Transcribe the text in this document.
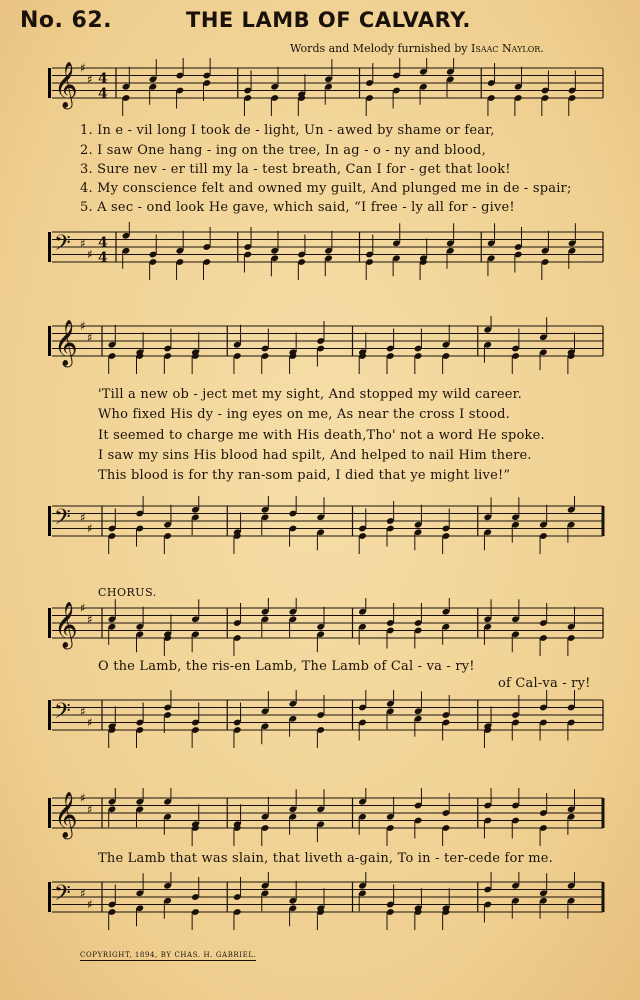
No. 62.	THE LAMB OF CALVARY.
Words and Melody furnished by Isaac Naylor.
𝄞 ♯
♯ 4
4
𝄢 ♯
♯
4
4
𝄞 ♯
♯
𝄢 ♯
♯
𝄞 ♯
♯
𝄢 ♯
♯
𝄞 ♯
♯
𝄢 ♯
♯
1. In e - vil long I took de - light, Un - awed by shame or fear,
2. I saw One hang - ing on the tree, In ag - o - ny and blood,
3. Sure nev - er till my la - test breath, Can I for - get that look!
4. My conscience felt and owned my guilt, And plunged me in de - spair;
5. A sec - ond look He gave, which said, “I free - ly all for - give!
'Till a new ob - ject met my sight, And stopped my wild career.
Who fixed His dy - ing eyes on me, As near the cross I stood.
It seemed to charge me with His death,Tho' not a word He spoke.
I saw my sins His blood had spilt, And helped to nail Him there.
This blood is for thy ran-som paid, I died that ye might live!”
CHORUS.
O the Lamb, the ris-en Lamb, The Lamb of Cal - va - ry!
of Cal-va - ry!
The Lamb that was slain, that liveth a-gain, To in - ter-cede for me.
COPYRIGHT, 1894, BY CHAS. H. GABRIEL.
